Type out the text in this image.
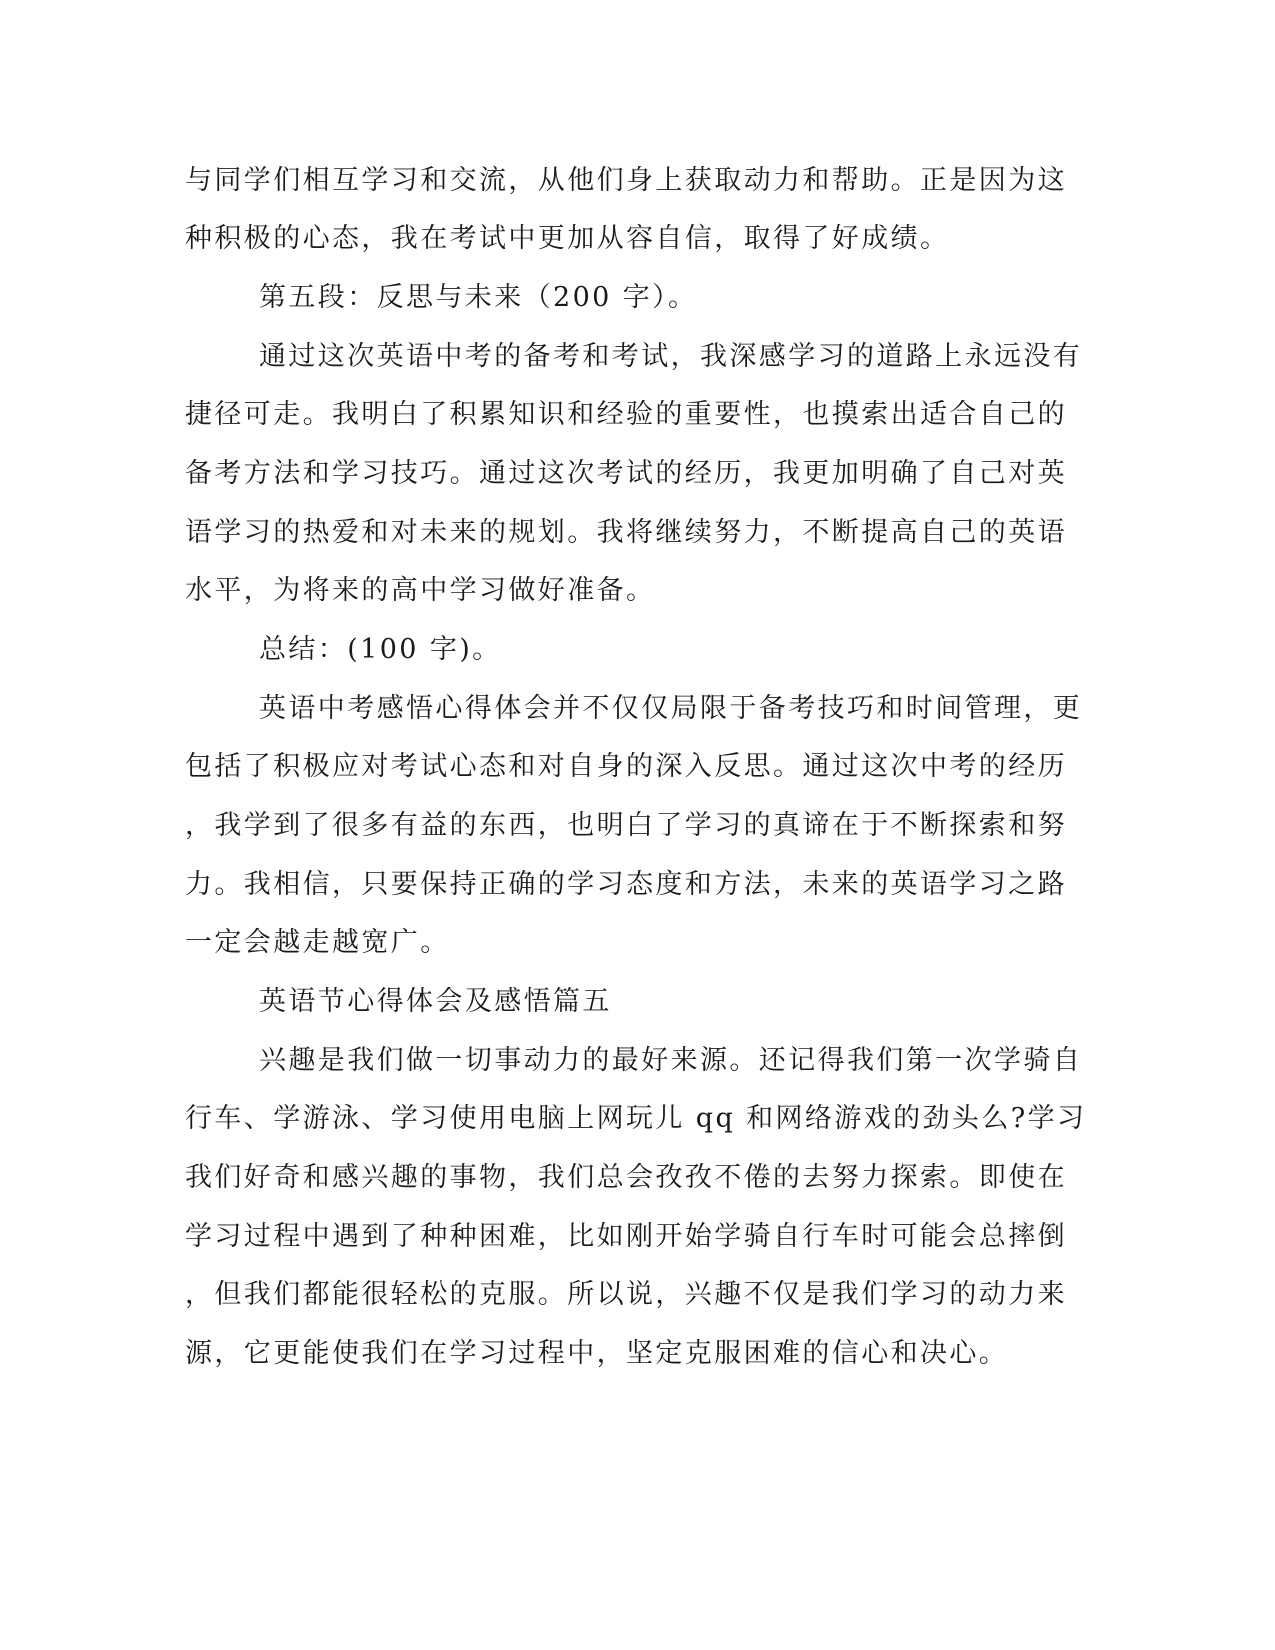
与同学们相互学习和交流，从他们身上获取动力和帮助。正是因为这
种积极的心态，我在考试中更加从容自信，取得了好成绩。
第五段：反思与未来（200 字）。
通过这次英语中考的备考和考试，我深感学习的道路上永远没有
捷径可走。我明白了积累知识和经验的重要性，也摸索出适合自己的
备考方法和学习技巧。通过这次考试的经历，我更加明确了自己对英
语学习的热爱和对未来的规划。我将继续努力，不断提高自己的英语
水平，为将来的高中学习做好准备。
总结：(100 字)。
英语中考感悟心得体会并不仅仅局限于备考技巧和时间管理，更
包括了积极应对考试心态和对自身的深入反思。通过这次中考的经历
，我学到了很多有益的东西，也明白了学习的真谛在于不断探索和努
力。我相信，只要保持正确的学习态度和方法，未来的英语学习之路
一定会越走越宽广。
英语节心得体会及感悟篇五
兴趣是我们做一切事动力的最好来源。还记得我们第一次学骑自
行车、学游泳、学习使用电脑上网玩儿 qq 和网络游戏的劲头么?学习
我们好奇和感兴趣的事物，我们总会孜孜不倦的去努力探索。即使在
学习过程中遇到了种种困难，比如刚开始学骑自行车时可能会总摔倒
，但我们都能很轻松的克服。所以说，兴趣不仅是我们学习的动力来
源，它更能使我们在学习过程中，坚定克服困难的信心和决心。
